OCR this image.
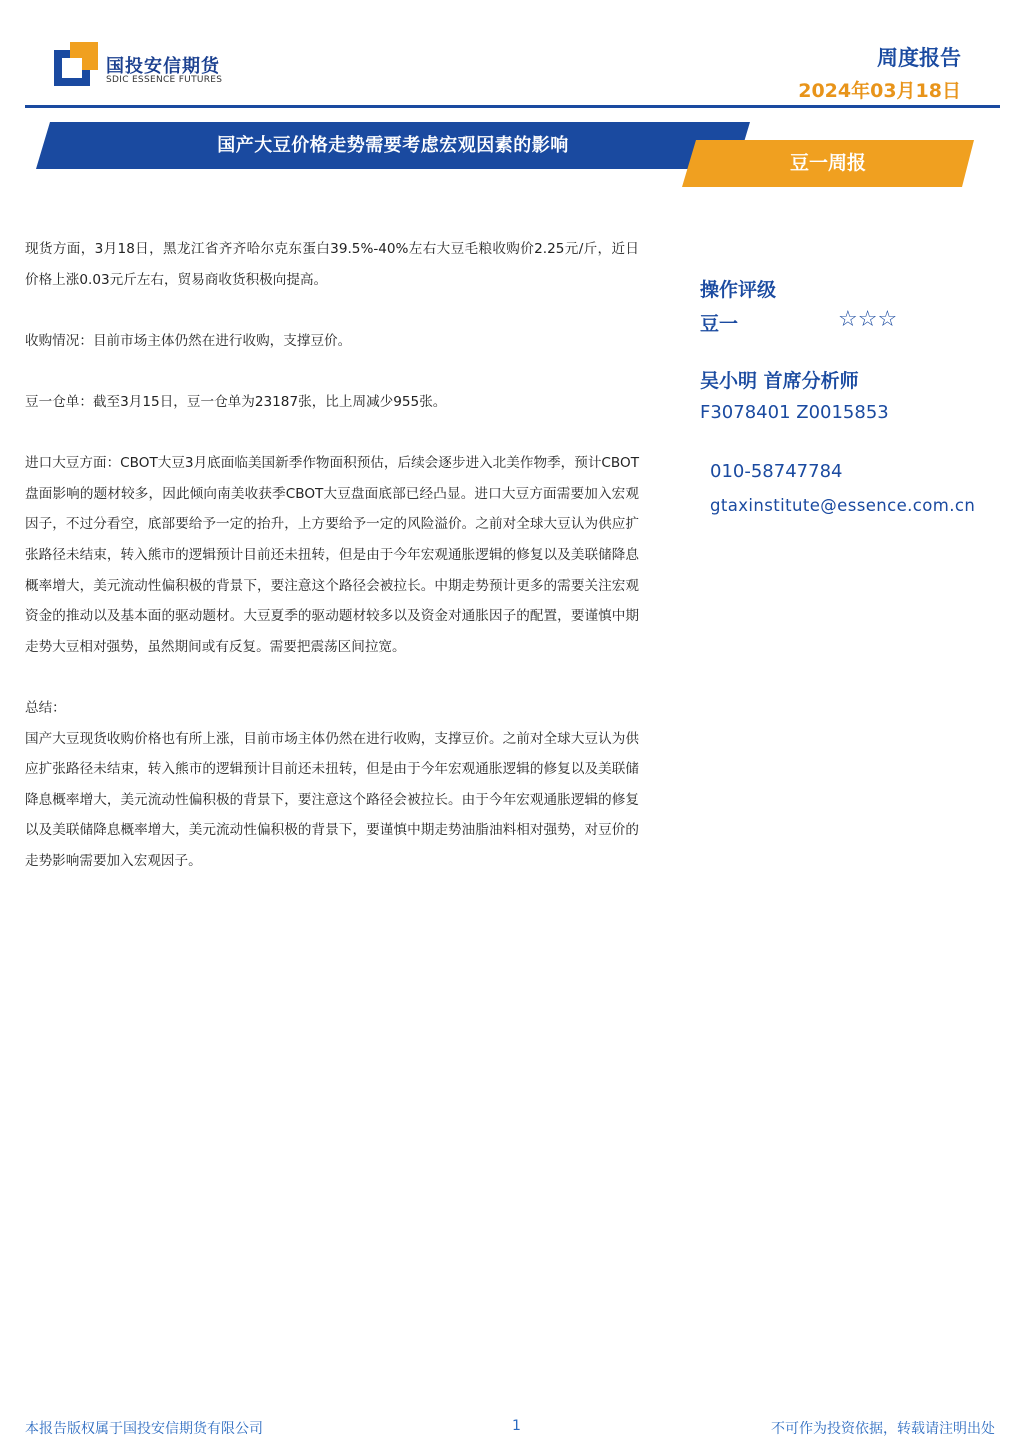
国投安信期货
SDIC ESSENCE FUTURES
周度报告
2024年03月18日
国产大豆价格走势需要考虑宏观因素的影响
豆一周报

现货方面，3月18日，黑龙江省齐齐哈尔克东蛋白39.5%-40%左右大豆毛粮收购价2.25元/斤，近日价格上涨0.03元斤左右，贸易商收货积极向提高。

收购情况：目前市场主体仍然在进行收购，支撑豆价。

豆一仓单：截至3月15日，豆一仓单为23187张，比上周减少955张。

进口大豆方面：CBOT大豆3月底面临美国新季作物面积预估，后续会逐步进入北美作物季，预计CBOT盘面影响的题材较多，因此倾向南美收获季CBOT大豆盘面底部已经凸显。进口大豆方面需要加入宏观因子，不过分看空，底部要给予一定的抬升，上方要给予一定的风险溢价。之前对全球大豆认为供应扩张路径未结束，转入熊市的逻辑预计目前还未扭转，但是由于今年宏观通胀逻辑的修复以及美联储降息概率增大，美元流动性偏积极的背景下，要注意这个路径会被拉长。中期走势预计更多的需要关注宏观资金的推动以及基本面的驱动题材。大豆夏季的驱动题材较多以及资金对通胀因子的配置，要谨慎中期走势大豆相对强势，虽然期间或有反复。需要把震荡区间拉宽。

总结：

国产大豆现货收购价格也有所上涨，目前市场主体仍然在进行收购，支撑豆价。之前对全球大豆认为供应扩张路径未结束，转入熊市的逻辑预计目前还未扭转，但是由于今年宏观通胀逻辑的修复以及美联储降息概率增大，美元流动性偏积极的背景下，要注意这个路径会被拉长。由于今年宏观通胀逻辑的修复以及美联储降息概率增大，美元流动性偏积极的背景下，要谨慎中期走势油脂油料相对强势，对豆价的走势影响需要加入宏观因子。

操作评级
豆一	☆☆☆
吴小明 首席分析师
F3078401 Z0015853
010-58747784
gtaxinstitute@essence.com.cn
本报告版权属于国投安信期货有限公司	1	不可作为投资依据，转载请注明出处
